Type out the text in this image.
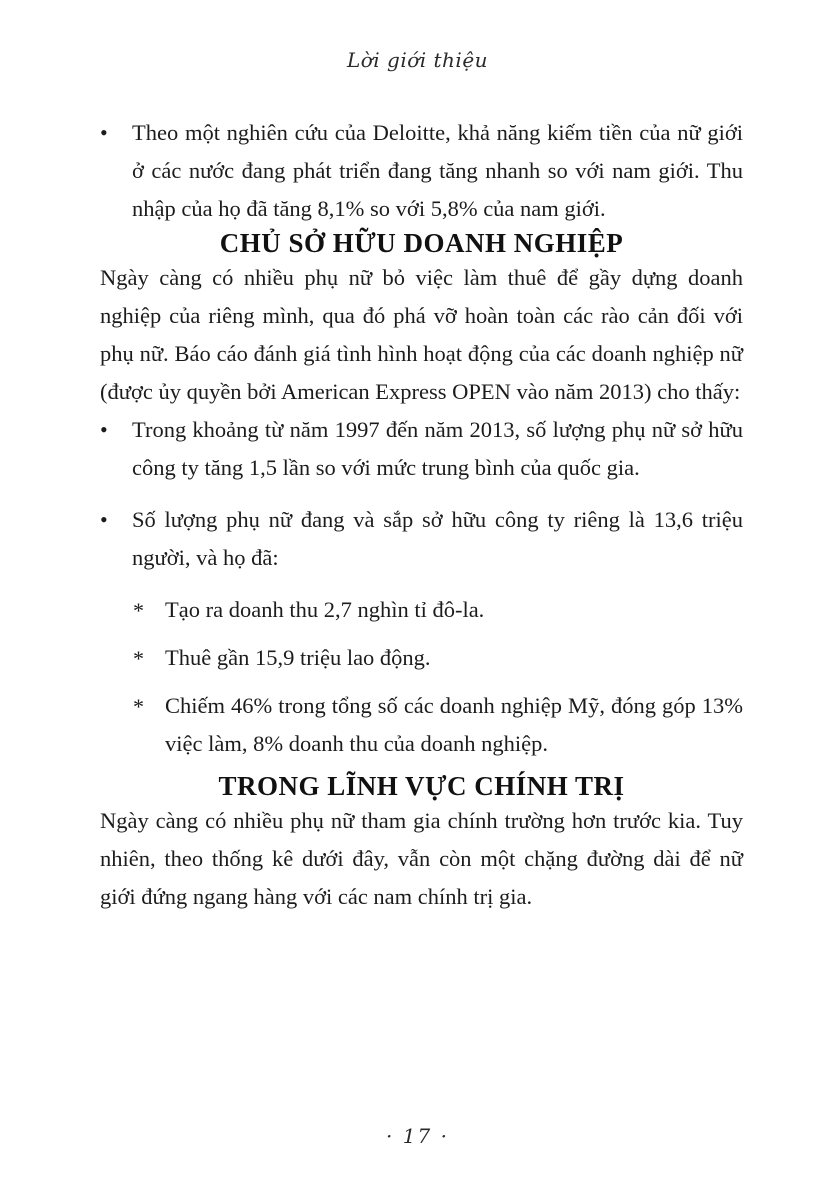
Lời giới thiệu
•	Theo một nghiên cứu của Deloitte, khả năng kiếm tiền của nữ giới ở các nước đang phát triển đang tăng nhanh so với nam giới. Thu nhập của họ đã tăng 8,1% so với 5,8% của nam giới.

CHỦ SỞ HỮU DOANH NGHIỆP

Ngày càng có nhiều phụ nữ bỏ việc làm thuê để gầy dựng doanh nghiệp của riêng mình, qua đó phá vỡ hoàn toàn các rào cản đối với phụ nữ. Báo cáo đánh giá tình hình hoạt động của các doanh nghiệp nữ (được ủy quyền bởi American Express OPEN vào năm 2013) cho thấy:

•	Trong khoảng từ năm 1997 đến năm 2013, số lượng phụ nữ sở hữu công ty tăng 1,5 lần so với mức trung bình của quốc gia.

•	Số lượng phụ nữ đang và sắp sở hữu công ty riêng là 13,6 triệu người, và họ đã:

* Tạo ra doanh thu 2,7 nghìn tỉ đô-la.

* Thuê gần 15,9 triệu lao động.

* Chiếm 46% trong tổng số các doanh nghiệp Mỹ, đóng góp 13% việc làm, 8% doanh thu của doanh nghiệp.

TRONG LĨNH VỰC CHÍNH TRỊ

Ngày càng có nhiều phụ nữ tham gia chính trường hơn trước kia. Tuy nhiên, theo thống kê dưới đây, vẫn còn một chặng đường dài để nữ giới đứng ngang hàng với các nam chính trị gia.

· 17 ·
